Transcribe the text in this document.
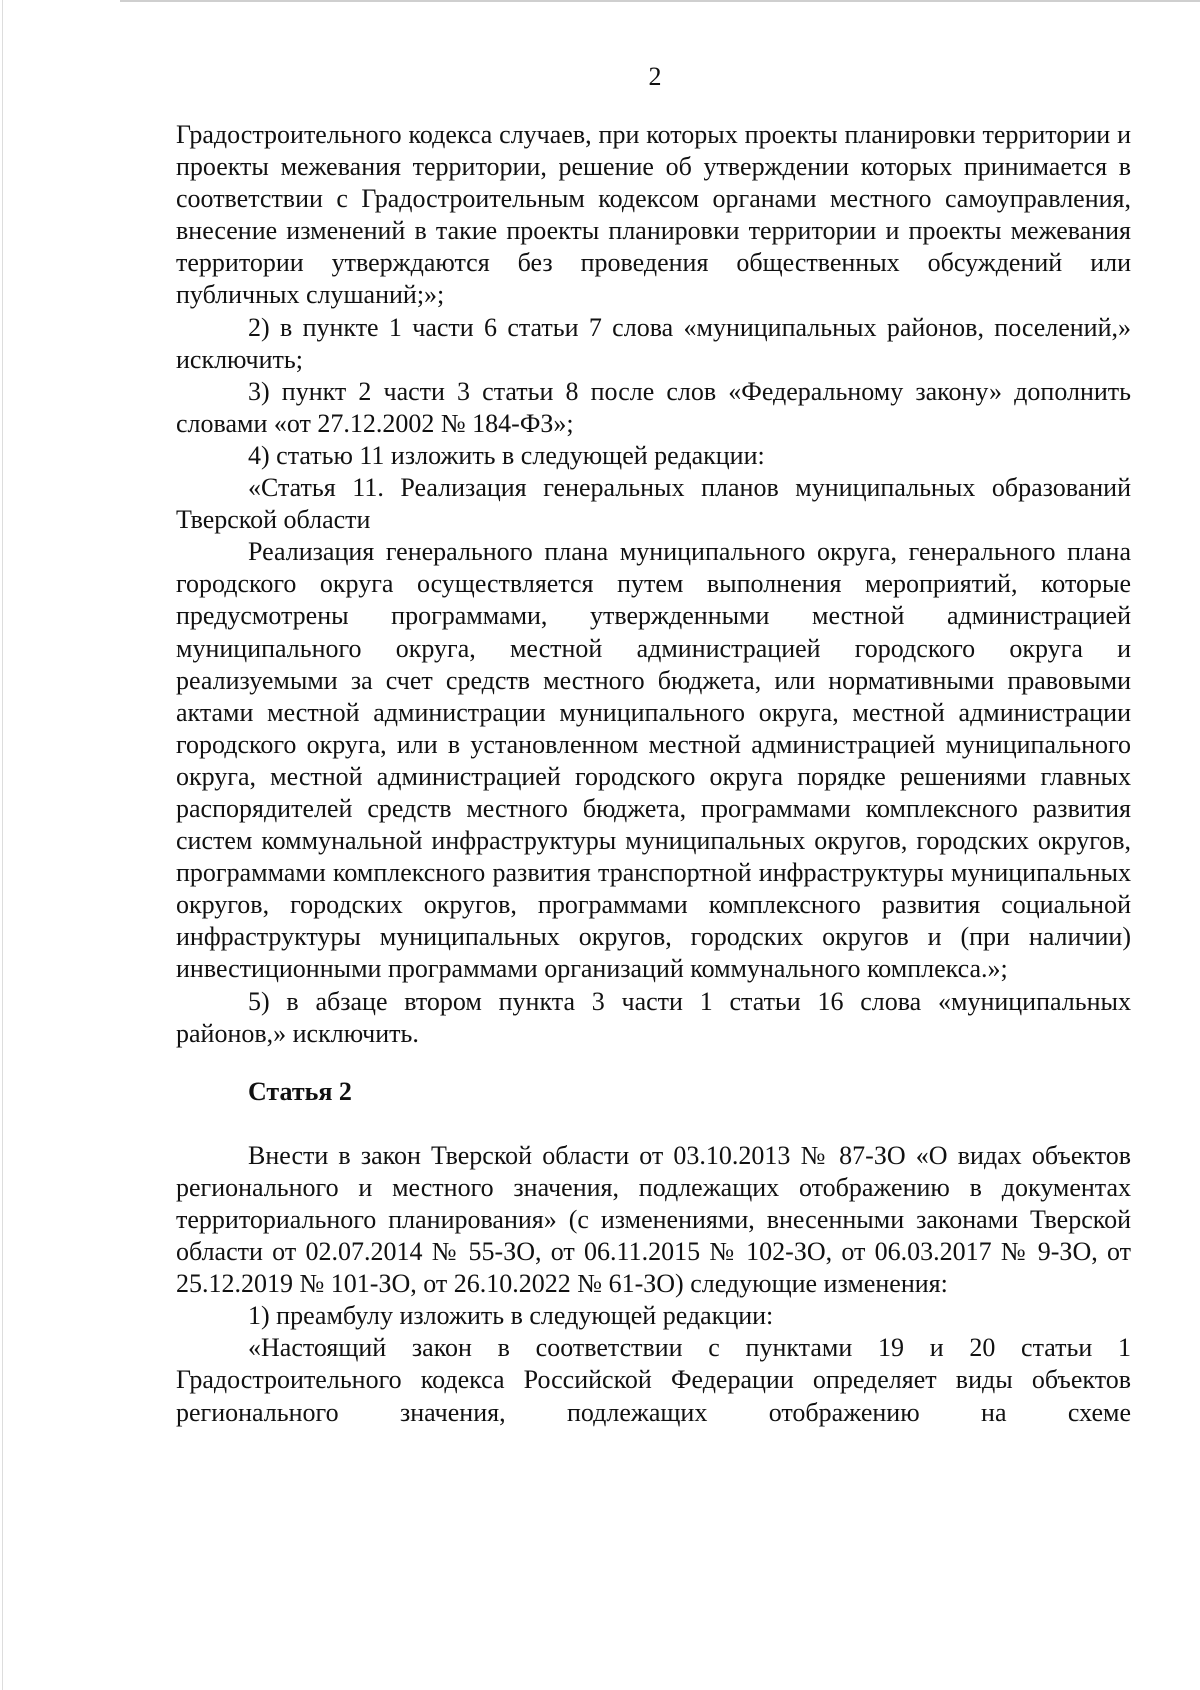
2

Градостроительного кодекса случаев, при которых проекты планировки территории и проекты межевания территории, решение об утверждении которых принимается в соответствии с Градостроительным кодексом органами местного самоуправления, внесение изменений в такие проекты планировки территории и проекты межевания территории утверждаются без проведения общественных обсуждений или публичных слушаний;»;

2) в пункте 1 части 6 статьи 7 слова «муниципальных районов, поселений,» исключить;

3) пункт 2 части 3 статьи 8 после слов «Федеральному закону» дополнить словами «от 27.12.2002 № 184-ФЗ»;

4) статью 11 изложить в следующей редакции:

«Статья 11. Реализация генеральных планов муниципальных образований Тверской области

Реализация генерального плана муниципального округа, генерального плана городского округа осуществляется путем выполнения мероприятий, которые предусмотрены программами, утвержденными местной администрацией муниципального округа, местной администрацией городского округа и реализуемыми за счет средств местного бюджета, или нормативными правовыми актами местной администрации муниципального округа, местной администрации городского округа, или в установленном местной администрацией муниципального округа, местной администрацией городского округа порядке решениями главных распорядителей средств местного бюджета, программами комплексного развития систем коммунальной инфраструктуры муниципальных округов, городских округов, программами комплексного развития транспортной инфраструктуры муниципальных округов, городских округов, программами комплексного развития социальной инфраструктуры муниципальных округов, городских округов и (при наличии) инвестиционными программами организаций коммунального комплекса.»;

5) в абзаце втором пункта 3 части 1 статьи 16 слова «муниципальных районов,» исключить.

Статья 2

Внести в закон Тверской области от 03.10.2013 № 87-ЗО «О видах объектов регионального и местного значения, подлежащих отображению в документах территориального планирования» (с изменениями, внесенными законами Тверской области от 02.07.2014 № 55-ЗО, от 06.11.2015 № 102-ЗО, от 06.03.2017 № 9-ЗО, от 25.12.2019 № 101-ЗО, от 26.10.2022 № 61-ЗО) следующие изменения:

1) преамбулу изложить в следующей редакции:

«Настоящий закон в соответствии с пунктами 19 и 20 статьи 1 Градостроительного кодекса Российской Федерации определяет виды объектов регионального значения, подлежащих отображению на схеме
